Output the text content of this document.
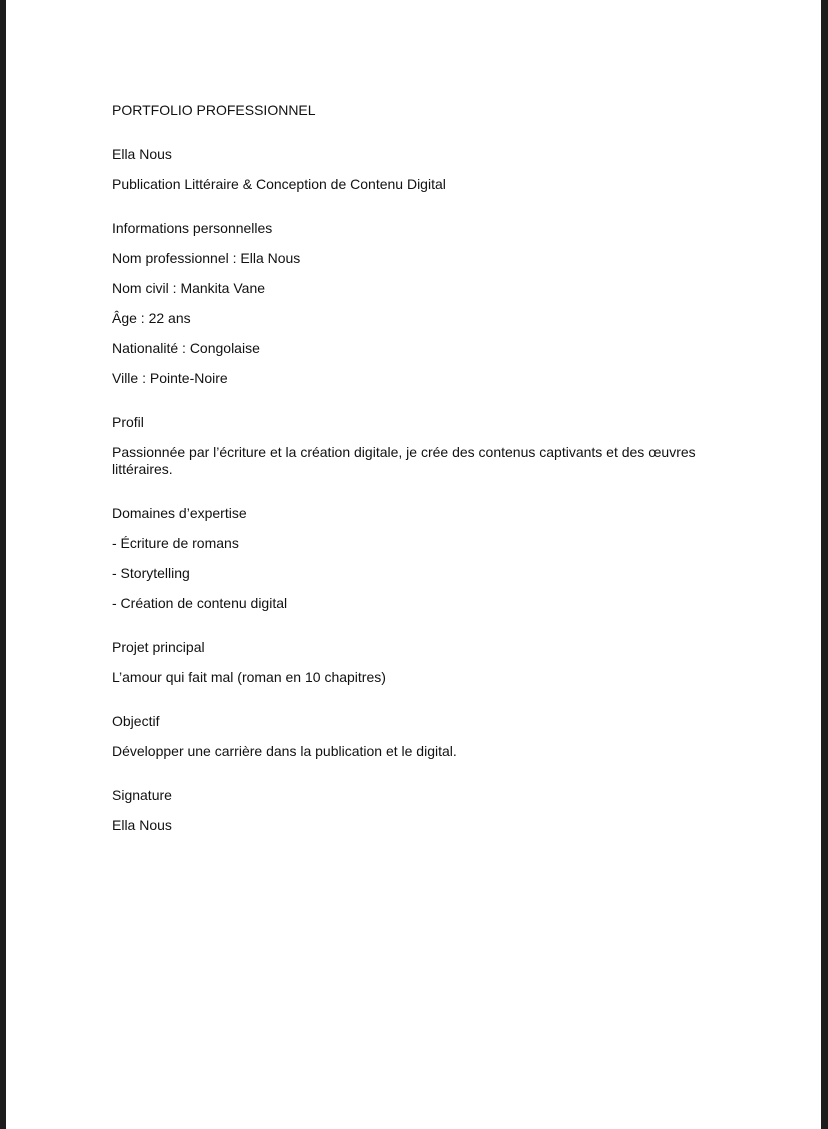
PORTFOLIO PROFESSIONNEL
Ella Nous
Publication Littéraire & Conception de Contenu Digital
Informations personnelles
Nom professionnel : Ella Nous
Nom civil : Mankita Vane
Âge : 22 ans
Nationalité : Congolaise
Ville : Pointe-Noire
Profil
Passionnée par l’écriture et la création digitale, je crée des contenus captivants et des œuvres littéraires.
Domaines d’expertise
- Écriture de romans
- Storytelling
- Création de contenu digital
Projet principal
L’amour qui fait mal (roman en 10 chapitres)
Objectif
Développer une carrière dans la publication et le digital.
Signature
Ella Nous
